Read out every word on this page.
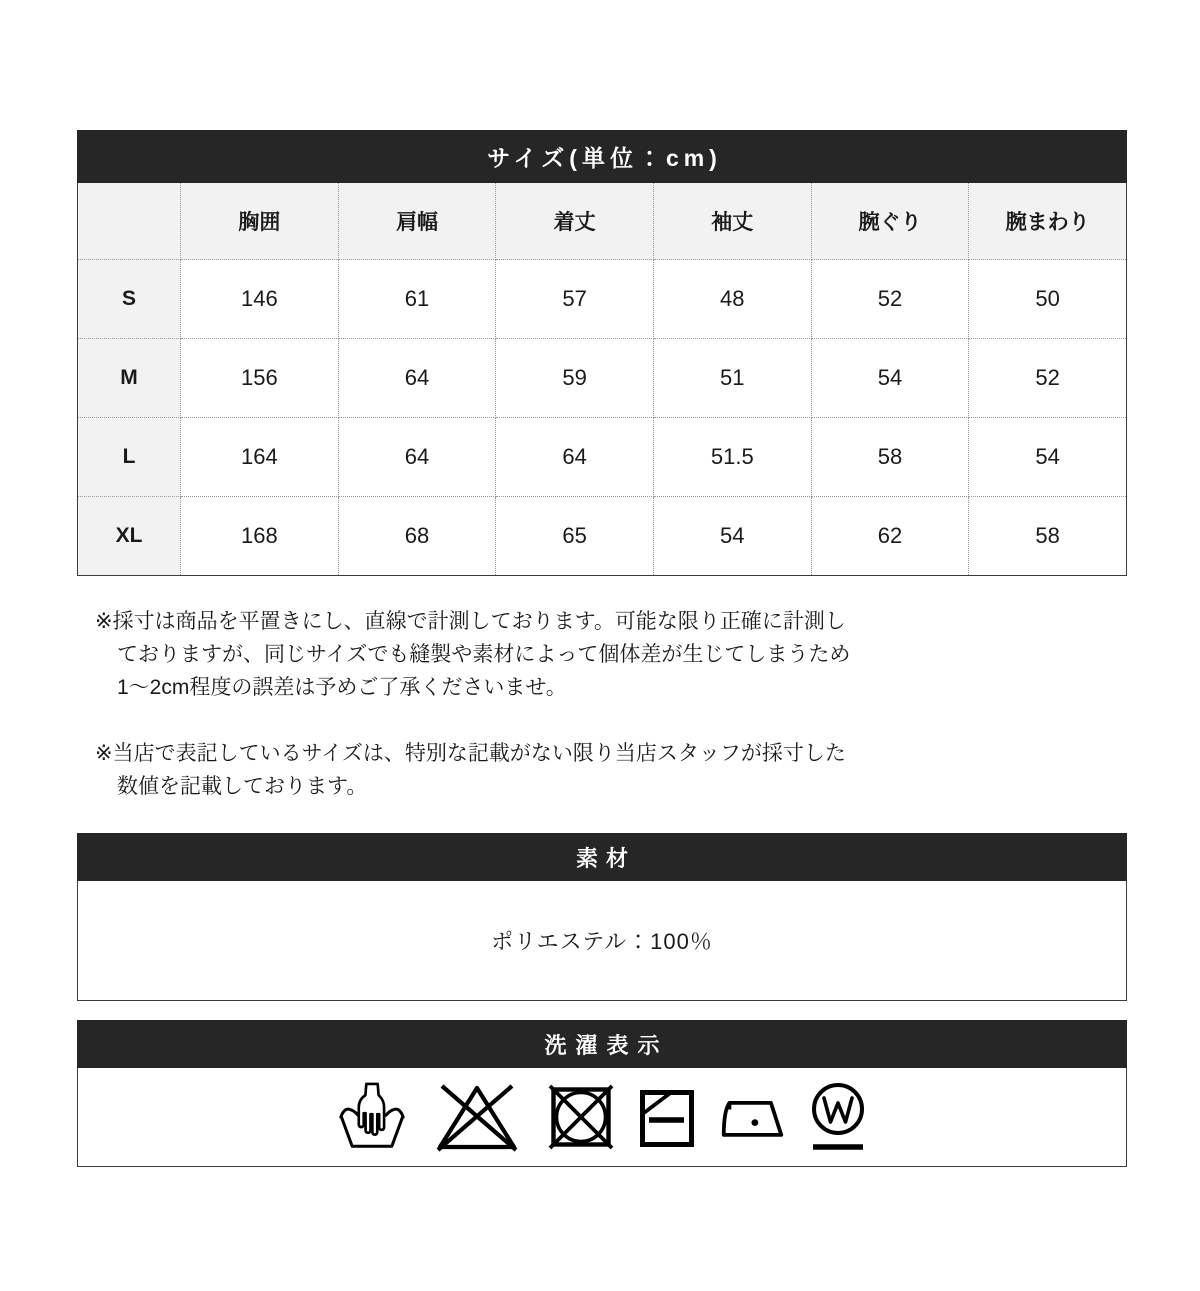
サイズ(単位：cm)
	胸囲	肩幅	着丈	袖丈	腕ぐり	腕まわり
S	146	61	57	48	52	50
M	156	64	59	51	54	52
L	164	64	64	51.5	58	54
XL	168	68	65	54	62	58
※採寸は商品を平置きにし、直線で計測しております。可能な限り正確に計測し
ておりますが、同じサイズでも縫製や素材によって個体差が生じてしまうため
1〜2cm程度の誤差は予めご了承くださいませ。
※当店で表記しているサイズは、特別な記載がない限り当店スタッフが採寸した
数値を記載しております。
素材
ポリエステル：100％
洗濯表示
